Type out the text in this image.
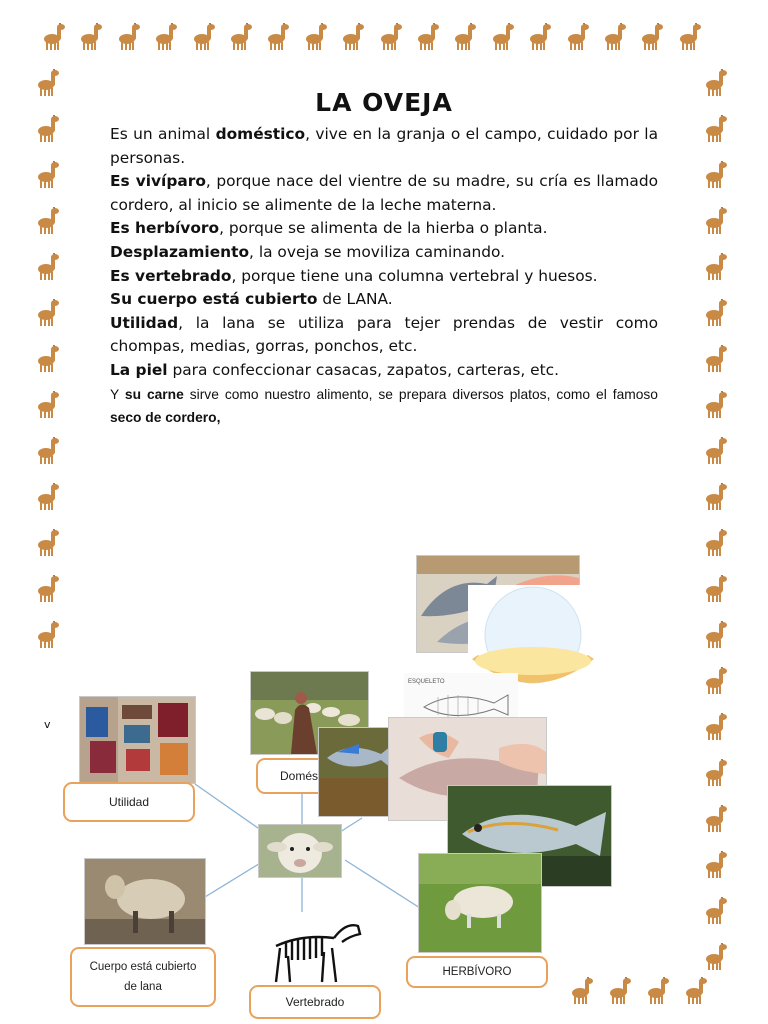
LA OVEJA

Es un animal doméstico, vive en la granja o el campo, cuidado por la personas.

Es vivíparo, porque nace del vientre de su madre, su cría es llamado cordero, al inicio se alimente de la leche materna.

Es herbívoro, porque se alimenta de la hierba o planta.

Desplazamiento, la oveja se moviliza caminando.

Es vertebrado, porque tiene una columna vertebral y huesos.

Su cuerpo está cubierto de LANA.

Utilidad, la lana se utiliza para tejer prendas de vestir como chompas, medias, gorras, ponchos, etc.

La piel para confeccionar casacas, zapatos, carteras, etc.

Y su carne sirve como nuestro alimento, se prepara diversos platos, como el famoso seco de cordero,

v
Utilidad
Domés
ESQUELETO
HERBÍVORO
Cuerpo está cubierto de lana
Vertebrado
